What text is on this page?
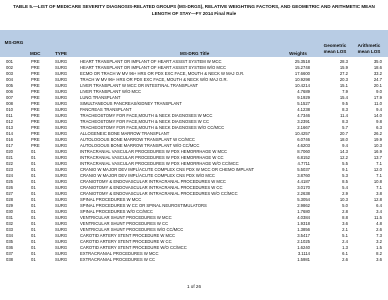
TABLE 5.—LIST OF MEDICARE SEVERITY DIAGNOSIS-RELATED GROUPS (MS-DRGS), RELATIVE WEIGHTING FACTORS, AND GEOMETRIC AND ARITHMETIC MEAN LENGTH OF STAY—FY 2014 Final Rule
MS-DRG
MDC	TYPE	MS-DRG Title	Weights
Geometric mean LOS
Arithmetic mean LOS
001	PRE	SURG	HEART TRANSPLANT OR IMPLANT OF HEART ASSIST SYSTEM W MCC	25.3518	28.3	35.0
002	PRE	SURG	HEART TRANSPLANT OR IMPLANT OF HEART ASSIST SYSTEM W/O MCC	15.2748	15.9	18.6
003	PRE	SURG	ECMO OR TRACH W MV 96+ HRS OR PDX EXC FACE, MOUTH & NECK W MAJ O.R.	17.6600	27.2	33.2
004	PRE	SURG	TRACH W MV 96+ HRS OR PDX EXC FACE, MOUTH & NECK W/O MAJ O.R.	10.9298	20.3	24.7
005	PRE	SURG	LIVER TRANSPLANT W MCC OR INTESTINAL TRANSPLANT	10.4214	15.1	20.1
006	PRE	SURG	LIVER TRANSPLANT W/O MCC	4.7689	7.9	9.0
007	PRE	SURG	LUNG TRANSPLANT	9.1929	15.4	17.9
008	PRE	SURG	SIMULTANEOUS PANCREAS/KIDNEY TRANSPLANT	5.1527	9.5	11.0
010	PRE	SURG	PANCREAS TRANSPLANT	4.1238	8.3	9.4
011	PRE	SURG	TRACHEOSTOMY FOR FACE,MOUTH & NECK DIAGNOSES W MCC	4.7346	11.4	14.0
012	PRE	SURG	TRACHEOSTOMY FOR FACE,MOUTH & NECK DIAGNOSES W CC	3.2391	8.3	9.8
013	PRE	SURG	TRACHEOSTOMY FOR FACE,MOUTH & NECK DIAGNOSES W/O CC/MCC	2.1667	5.7	6.3
014	PRE	SURG	ALLOGENEIC BONE MARROW TRANSPLANT	10.4257	20.7	26.2
016	PRE	SURG	AUTOLOGOUS BONE MARROW TRANSPLANT W CC/MCC	6.0746	18.0	19.9
017	PRE	SURG	AUTOLOGOUS BONE MARROW TRANSPLANT W/O CC/MCC	4.6203	9.4	10.3
020	01	SURG	INTRACRANIAL VASCULAR PROCEDURES W PDX HEMORRHAGE W MCC	8.7060	14.3	16.9
021	01	SURG	INTRACRANIAL VASCULAR PROCEDURES W PDX HEMORRHAGE W CC	6.8152	12.2	13.7
022	01	SURG	INTRACRANIAL VASCULAR PROCEDURES W PDX HEMORRHAGE W/O CC/MCC	4.7711	5.5	7.1
023	01	SURG	CRANIO W MAJOR DEV IMPL/ACUTE COMPLEX CNS PDX W MCC OR CHEMO IMPLANT	5.5037	9.1	12.0
024	01	SURG	CRANIO W MAJOR DEV IMPL/ACUTE COMPLEX CNS PDX W/O MCC	3.8760	5.3	7.1
025	01	SURG	CRANIOTOMY & ENDOVASCULAR INTRACRANIAL PROCEDURES W MCC	4.4187	8.5	10.8
026	01	SURG	CRANIOTOMY & ENDOVASCULAR INTRACRANIAL PROCEDURES W CC	3.0170	5.4	7.1
027	01	SURG	CRANIOTOMY & ENDOVASCULAR INTRACRANIAL PROCEDURES W/O CC/MCC	2.2638	2.9	3.8
028	01	SURG	SPINAL PROCEDURES W MCC	5.3054	10.3	12.8
029	01	SURG	SPINAL PROCEDURES W CC OR SPINAL NEUROSTIMULATORS	2.9862	5.0	6.4
030	01	SURG	SPINAL PROCEDURES W/O CC/MCC	1.7680	2.8	3.4
031	01	SURG	VENTRICULAR SHUNT PROCEDURES W MCC	4.0384	8.8	11.5
032	01	SURG	VENTRICULAR SHUNT PROCEDURES W CC	1.9318	3.6	4.8
033	01	SURG	VENTRICULAR SHUNT PROCEDURES W/O CC/MCC	1.3856	2.1	2.6
034	01	SURG	CAROTID ARTERY STENT PROCEDURE W MCC	3.5417	5.1	7.3
035	01	SURG	CAROTID ARTERY STENT PROCEDURE W CC	2.1025	2.4	3.2
036	01	SURG	CAROTID ARTERY STENT PROCEDURE W/O CC/MCC	1.6240	1.3	1.5
037	01	SURG	EXTRACRANIAL PROCEDURES W MCC	3.1114	6.1	8.2
038	01	SURG	EXTRACRANIAL PROCEDURES W CC	1.5981	2.6	3.6
1 of 26
